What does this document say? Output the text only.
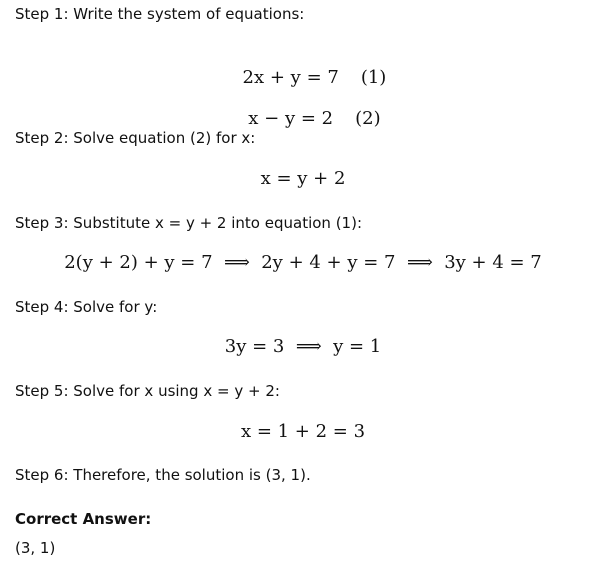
Step 1: Write the system of equations:

2x + y = 7 (1)

x − y = 2 (2)

Step 2: Solve equation (2) for x:
x = y + 2
Step 3: Substitute x = y + 2 into equation (1):
2(y + 2) + y = 7  ⟹  2y + 4 + y = 7  ⟹  3y + 4 = 7
Step 4: Solve for y:
3y = 3  ⟹  y = 1
Step 5: Solve for x using x = y + 2:
x = 1 + 2 = 3
Step 6: Therefore, the solution is (3, 1).
Correct Answer:
(3, 1)
